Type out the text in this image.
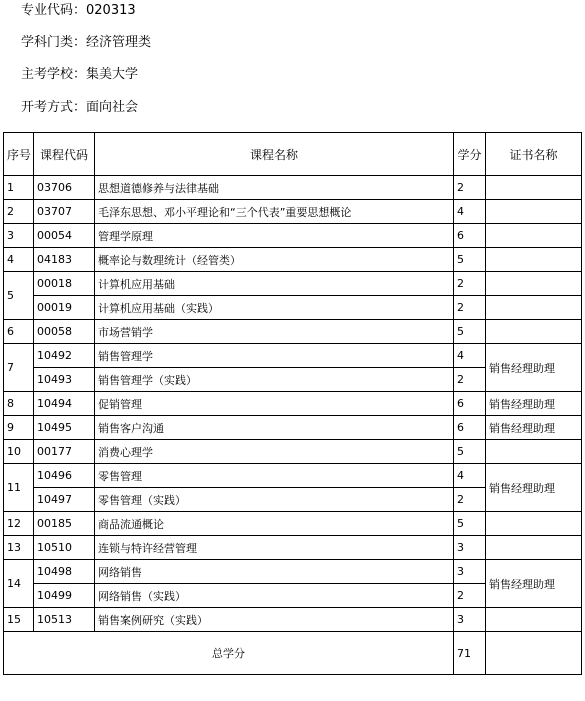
专业代码：020313
学科门类：经济管理类
主考学校：集美大学
开考方式：面向社会
序号	课程代码	课程名称	学分	证书名称
1	03706	思想道德修养与法律基础	2	
2	03707	毛泽东思想、邓小平理论和“三个代表”重要思想概论	4	
3	00054	管理学原理	6	
4	04183	概率论与数理统计（经管类）	5	
5	00018	计算机应用基础	2	
	00019	计算机应用基础（实践）	2	
6	00058	市场营销学	5	
7	10492	销售管理学	4	销售经理助理
	10493	销售管理学（实践）	2	
8	10494	促销管理	6	销售经理助理
9	10495	销售客户沟通	6	销售经理助理
10	00177	消费心理学	5	
11	10496	零售管理	4	销售经理助理
	10497	零售管理（实践）	2	
12	00185	商品流通概论	5	
13	10510	连锁与特许经营管理	3	
14	10498	网络销售	3	销售经理助理
	10499	网络销售（实践）	2	
15	10513	销售案例研究（实践）	3	
总学分			71	
